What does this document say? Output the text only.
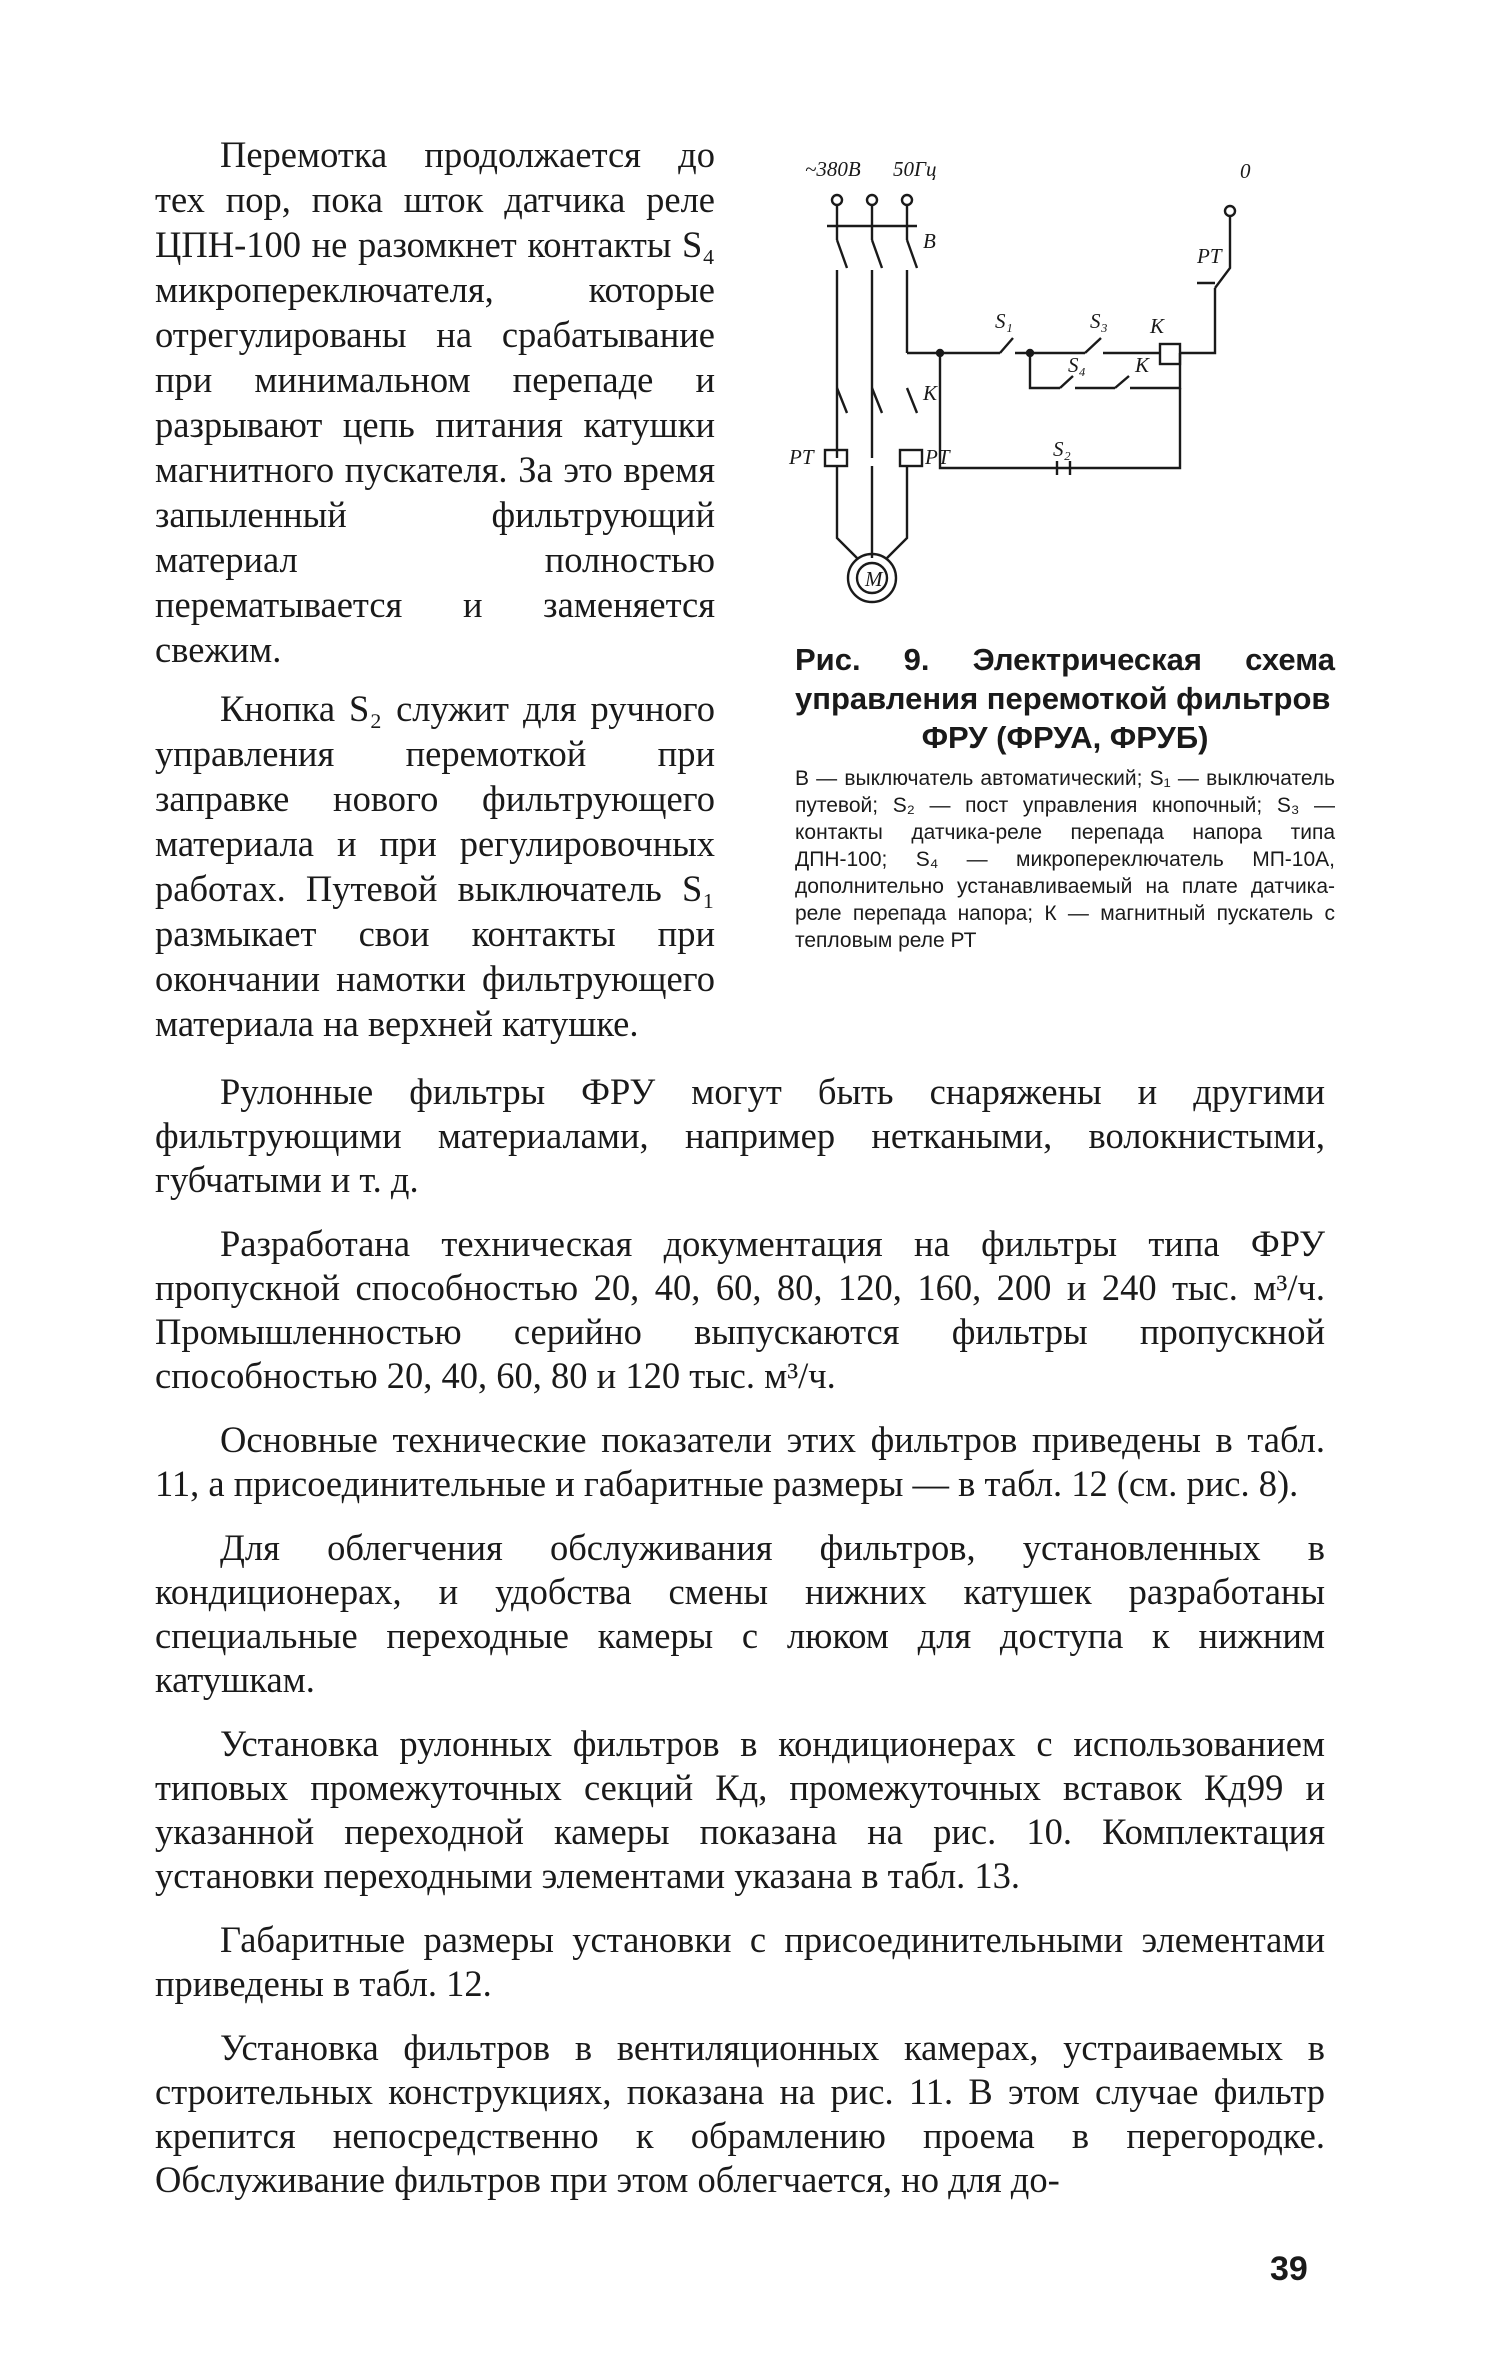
Перемотка продолжается до тех пор, пока шток датчика реле ЦПН-100 не разомкнет контакты S₄ микропереключателя, которые отрегулированы на срабатывание при минимальном перепаде и разрывают цепь питания катушки магнитного пускателя. За это время запыленный фильтрующий материал полностью перематывается и заменяется свежим.

Кнопка S₂ служит для ручного управления перемоткой при заправке нового фильтрующего материала и при регулировочных работах. Путевой выключатель S₁ размыкает свои контакты при окончании намотки фильтрующего материала на верхней катушке.

~380В 50Гц	0
В
S₁	S₃ К
РТ
К
S₄ К
РТ	РТ	S₂
М

Рис. 9. Электрическая схема управления перемоткой фильтров

ФРУ (ФРУА, ФРУБ)

В — выключатель автоматический; S₁ — выключатель путевой; S₂ — пост управления кнопочный; S₃ — контакты датчика-реле перепада напора типа ДПН-100; S₄ — микропереключатель МП-10А, дополнительно устанавливаемый на плате датчика-реле перепада напора; К — магнитный пускатель с тепловым реле РТ

Рулонные фильтры ФРУ могут быть снаряжены и другими фильтрующими материалами, например неткаными, волокнистыми, губчатыми и т. д.

Разработана техническая документация на фильтры типа ФРУ пропускной способностью 20, 40, 60, 80, 120, 160, 200 и 240 тыс. м³/ч. Промышленностью серийно выпускаются фильтры пропускной способностью 20, 40, 60, 80 и 120 тыс. м³/ч.

Основные технические показатели этих фильтров приведены в табл. 11, а присоединительные и габаритные размеры — в табл. 12 (см. рис. 8).

Для облегчения обслуживания фильтров, установленных в кондиционерах, и удобства смены нижних катушек разработаны специальные переходные камеры с люком для доступа к нижним катушкам.

Установка рулонных фильтров в кондиционерах с использованием типовых промежуточных секций Кд, промежуточных вставок Кд99 и указанной переходной камеры показана на рис. 10. Комплектация установки переходными элементами указана в табл. 13.

Габаритные размеры установки с присоединительными элементами приведены в табл. 12.

Установка фильтров в вентиляционных камерах, устраиваемых в строительных конструкциях, показана на рис. 11. В этом случае фильтр крепится непосредственно к обрамлению проема в перегородке. Обслуживание фильтров при этом облегчается, но для до-

39
